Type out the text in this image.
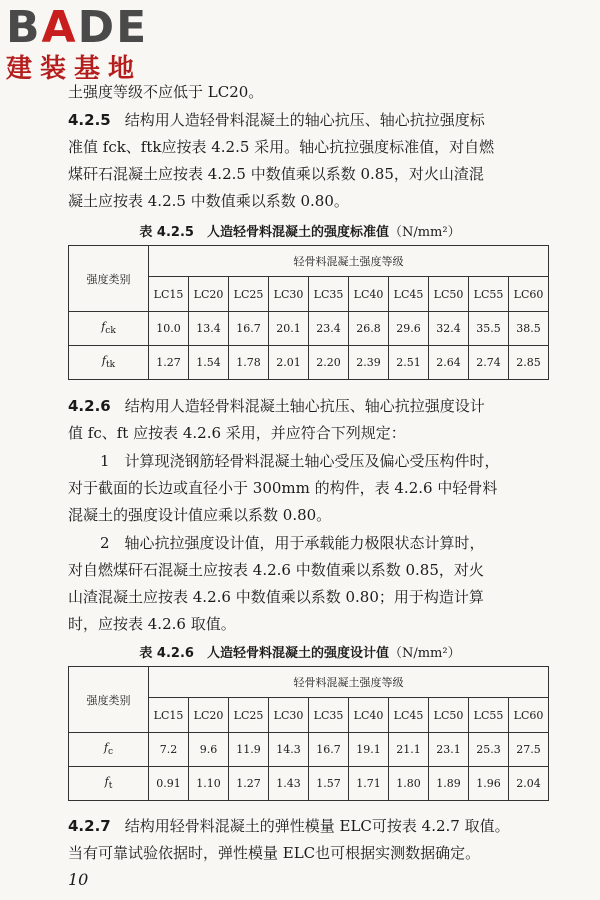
BADE
建装基地
土强度等级不应低于 LC20。
4.2.5 结构用人造轻骨料混凝土的轴心抗压、轴心抗拉强度标
准值 fck、ftk应按表 4.2.5 采用。轴心抗拉强度标准值，对自燃
煤矸石混凝土应按表 4.2.5 中数值乘以系数 0.85，对火山渣混
凝土应按表 4.2.5 中数值乘以系数 0.80。
表 4.2.5　人造轻骨料混凝土的强度标准值（N/mm²）
强度类别	轻骨料混凝土强度等级									
	LC15	LC20	LC25	LC30	LC35	LC40	LC45	LC50	LC55	LC60
$f_{ck}$	10.0	13.4	16.7	20.1	23.4	26.8	29.6	32.4	35.5	38.5
$f_{tk}$	1.27	1.54	1.78	2.01	2.20	2.39	2.51	2.64	2.74	2.85
4.2.6 结构用人造轻骨料混凝土轴心抗压、轴心抗拉强度设计
值 fc、ft 应按表 4.2.6 采用，并应符合下列规定：
1　计算现浇钢筋轻骨料混凝土轴心受压及偏心受压构件时，
对于截面的长边或直径小于 300mm 的构件，表 4.2.6 中轻骨料
混凝土的强度设计值应乘以系数 0.80。
2　轴心抗拉强度设计值，用于承载能力极限状态计算时，
对自燃煤矸石混凝土应按表 4.2.6 中数值乘以系数 0.85，对火
山渣混凝土应按表 4.2.6 中数值乘以系数 0.80；用于构造计算
时，应按表 4.2.6 取值。
表 4.2.6　人造轻骨料混凝土的强度设计值（N/mm²）
强度类别	轻骨料混凝土强度等级									
	LC15	LC20	LC25	LC30	LC35	LC40	LC45	LC50	LC55	LC60
$f_c$	7.2	9.6	11.9	14.3	16.7	19.1	21.1	23.1	25.3	27.5
$f_t$	0.91	1.10	1.27	1.43	1.57	1.71	1.80	1.89	1.96	2.04
4.2.7 结构用轻骨料混凝土的弹性模量 ELC可按表 4.2.7 取值。
当有可靠试验依据时，弹性模量 ELC也可根据实测数据确定。
10
